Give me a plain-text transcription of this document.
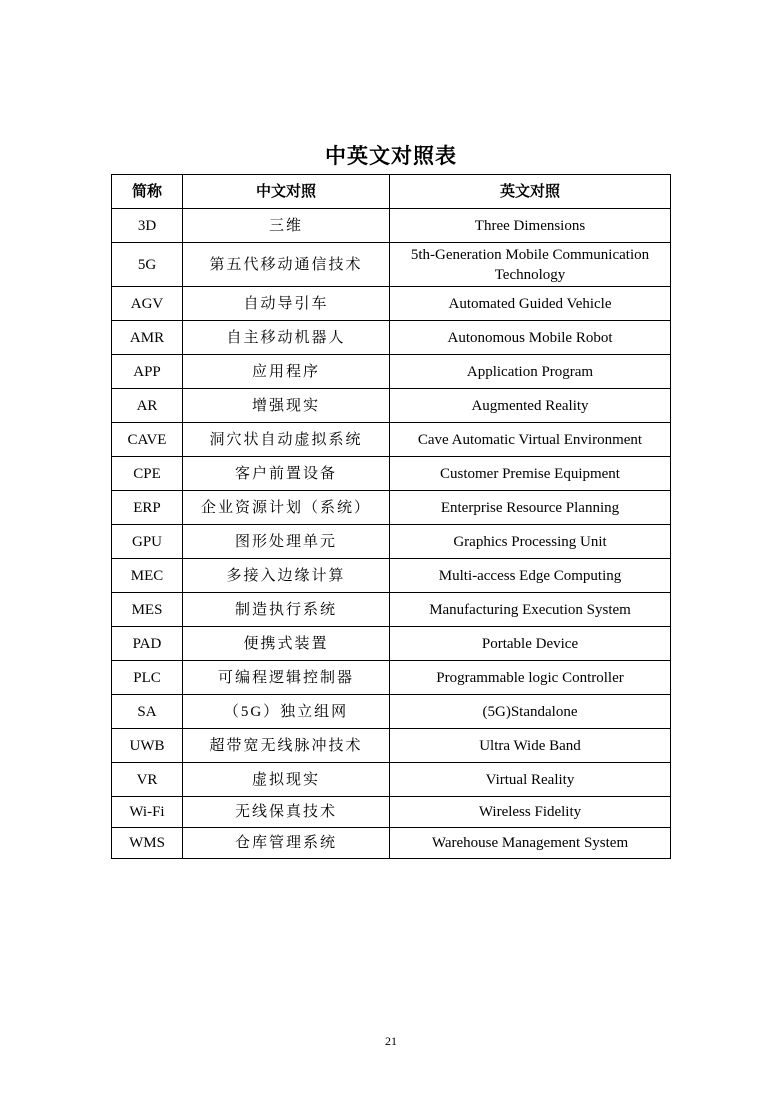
中英文对照表
简称	中文对照	英文对照
3D	三维	Three Dimensions
5G	第五代移动通信技术	5th-Generation Mobile Communication Technology
AGV	自动导引车	Automated Guided Vehicle
AMR	自主移动机器人	Autonomous Mobile Robot
APP	应用程序	Application Program
AR	增强现实	Augmented Reality
CAVE	洞穴状自动虚拟系统	Cave Automatic Virtual Environment
CPE	客户前置设备	Customer Premise Equipment
ERP	企业资源计划（系统）	Enterprise Resource Planning
GPU	图形处理单元	Graphics Processing Unit
MEC	多接入边缘计算	Multi-access Edge Computing
MES	制造执行系统	Manufacturing Execution System
PAD	便携式装置	Portable Device
PLC	可编程逻辑控制器	Programmable logic Controller
SA	（5G）独立组网	(5G)Standalone
UWB	超带宽无线脉冲技术	Ultra Wide Band
VR	虚拟现实	Virtual Reality
Wi-Fi	无线保真技术	Wireless Fidelity
WMS	仓库管理系统	Warehouse Management System
21
